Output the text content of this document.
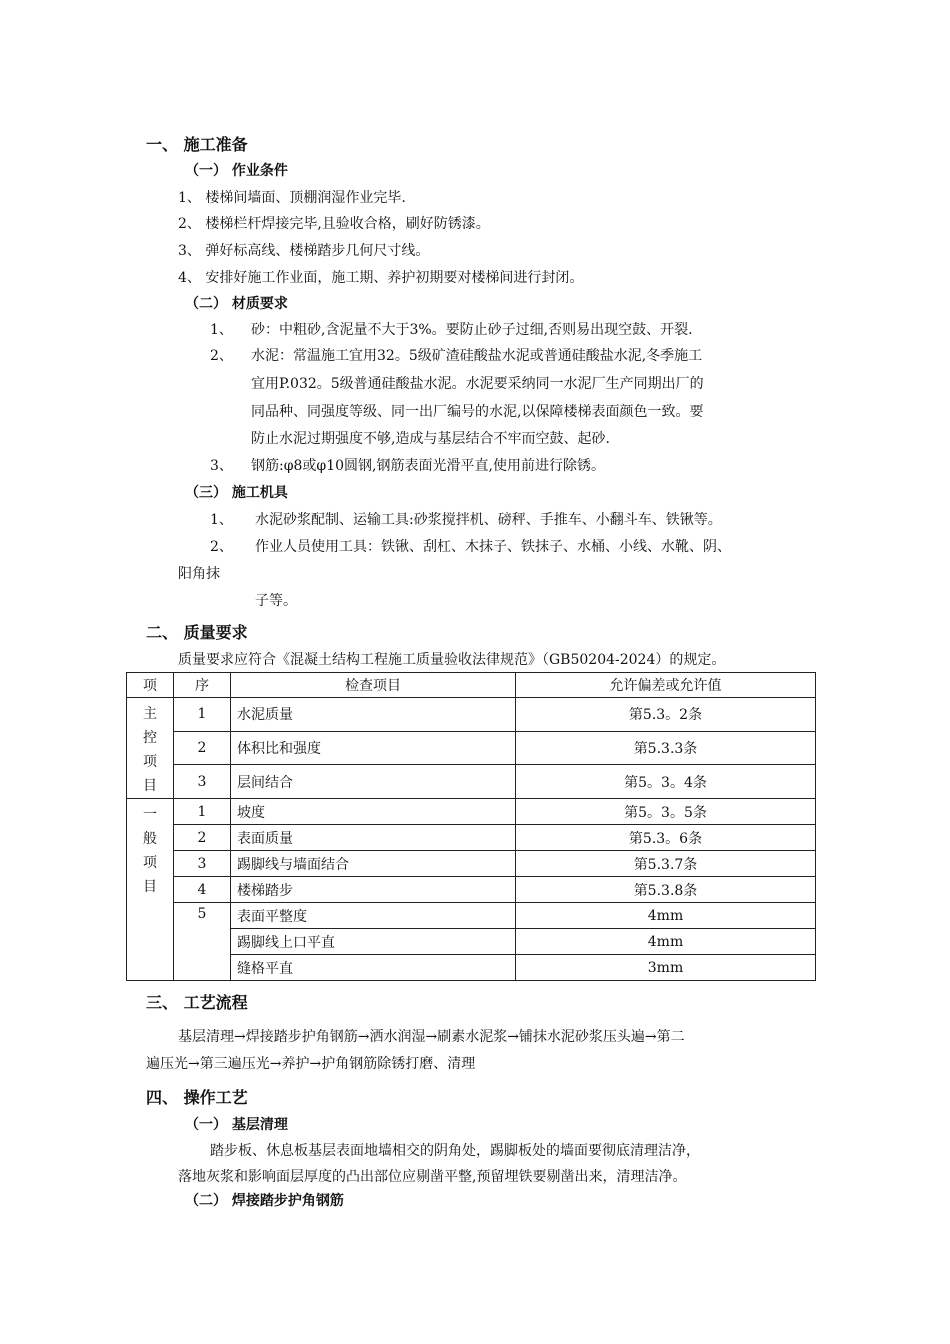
一、 施工准备
（一） 作业条件
1、 楼梯间墙面、顶棚润湿作业完毕.
2、 楼梯栏杆焊接完毕,且验收合格，刷好防锈漆。
3、 弹好标高线、楼梯踏步几何尺寸线。
4、 安排好施工作业面，施工期、养护初期要对楼梯间进行封闭。
（二） 材质要求
1、 砂：中粗砂,含泥量不大于3%。要防止砂子过细,否则易出现空鼓、开裂.
2、 水泥：常温施工宜用32。5级矿渣硅酸盐水泥或普通硅酸盐水泥,冬季施工
宜用P.032。5级普通硅酸盐水泥。水泥要采纳同一水泥厂生产同期出厂的
同品种、同强度等级、同一出厂编号的水泥,以保障楼梯表面颜色一致。要
防止水泥过期强度不够,造成与基层结合不牢而空鼓、起砂.
3、 钢筋:φ8或φ10圆钢,钢筋表面光滑平直,使用前进行除锈。
（三） 施工机具
1、 水泥砂浆配制、运输工具:砂浆搅拌机、磅秤、手推车、小翻斗车、铁锹等。
2、 作业人员使用工具：铁锹、刮杠、木抹子、铁抹子、水桶、小线、水靴、阴、
阳角抹
子等。
二、 质量要求
质量要求应符合《混凝土结构工程施工质量验收法律规范》（GB50204-2024）的规定。
项	序	检查项目	允许偏差或允许值
主控项目	1	水泥质量	第5.3。2条
	2	体积比和强度	第5.3.3条
	3	层间结合	第5。3。4条
一般项目	1	坡度	第5。3。5条
	2	表面质量	第5.3。6条
	3	踢脚线与墙面结合	第5.3.7条
	4	楼梯踏步	第5.3.8条
	5	表面平整度	4mm
		踢脚线上口平直	4mm
		缝格平直	3mm
三、 工艺流程
基层清理→焊接踏步护角钢筋→洒水润湿→刷素水泥浆→铺抹水泥砂浆压头遍→第二
遍压光→第三遍压光→养护→护角钢筋除锈打磨、清理
四、 操作工艺
（一） 基层清理
踏步板、休息板基层表面地墙相交的阴角处，踢脚板处的墙面要彻底清理洁净，
落地灰浆和影响面层厚度的凸出部位应剔凿平整,预留埋铁要剔凿出来，清理洁净。
（二） 焊接踏步护角钢筋
